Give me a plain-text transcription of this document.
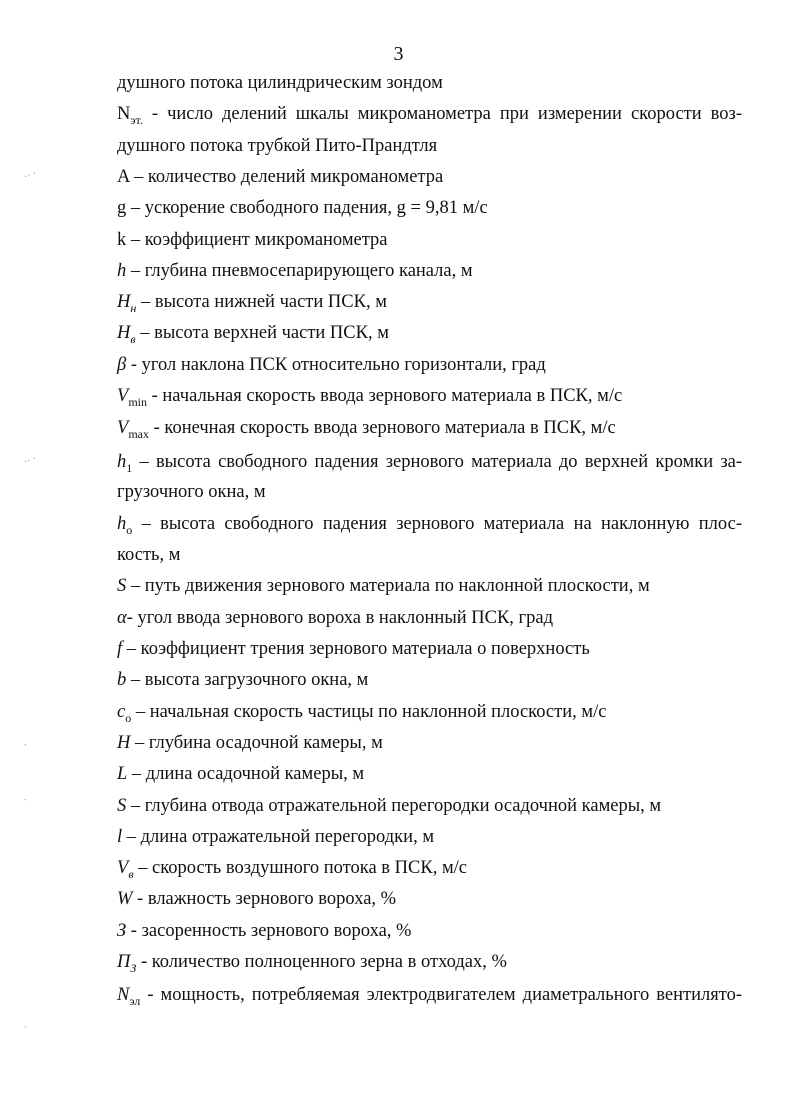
3
·· ·
·· ·
·
·
·
душного потока цилиндрическим зондом
$N_{эт.}$ - число делений шкалы микроманометра при измерении скорости воз-
душного потока трубкой Пито-Прандтля
A – количество делений микроманометра
g – ускорение свободного падения, g = 9,81 м/с
k – коэффициент микроманометра
h – глубина пневмосепарирующего канала, м
$H_н$ – высота нижней части ПСК, м
$H_в$ – высота верхней части ПСК, м
β - угол наклона ПСК относительно горизонтали, град
$V_{min}$ - начальная скорость ввода зернового материала в ПСК, м/с
$V_{max}$ - конечная скорость ввода зернового материала в ПСК, м/с
$h_1$ – высота свободного падения зернового материала до верхней кромки за-
грузочного окна, м
$h_o$ – высота свободного падения зернового материала на наклонную плос-
кость, м
S – путь движения зернового материала по наклонной плоскости, м
α- угол ввода зернового вороха в наклонный ПСК, град
f – коэффициент трения зернового материала о поверхность
b – высота загрузочного окна, м
$c_o$ – начальная скорость частицы по наклонной плоскости, м/с
H – глубина осадочной камеры, м
L – длина осадочной камеры, м
S – глубина отвода отражательной перегородки осадочной камеры, м
l – длина отражательной перегородки, м
$V_в$ – скорость воздушного потока в ПСК, м/с
W - влажность зернового вороха, %
З - засоренность зернового вороха, %
$П_З$ - количество полноценного зерна в отходах, %
$N_{эл}$ - мощность, потребляемая электродвигателем диаметрального вентилято-
